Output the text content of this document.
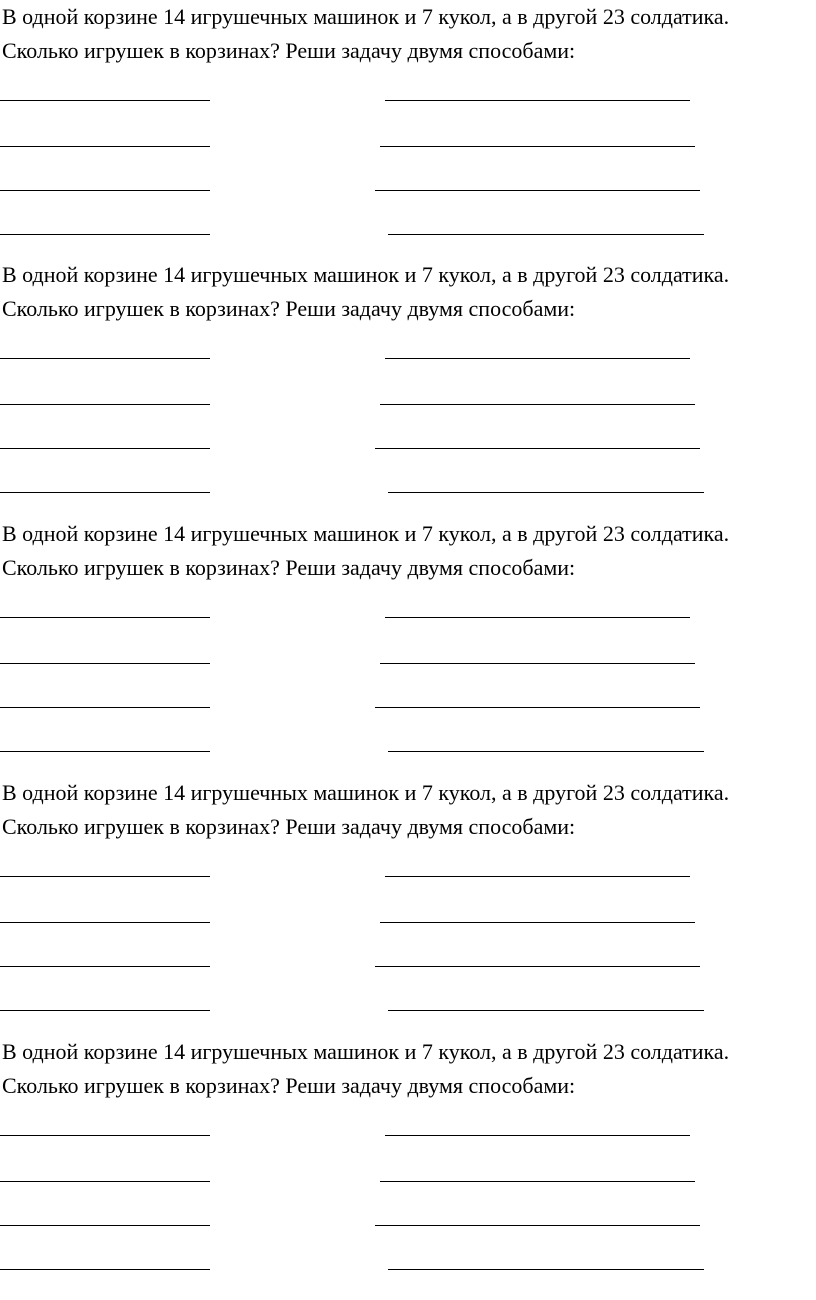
В одной корзине 14 игрушечных машинок и 7 кукол, а в другой 23 солдатика.
Сколько игрушек в корзинах? Реши задачу двумя способами:

В одной корзине 14 игрушечных машинок и 7 кукол, а в другой 23 солдатика.
Сколько игрушек в корзинах? Реши задачу двумя способами:

В одной корзине 14 игрушечных машинок и 7 кукол, а в другой 23 солдатика.
Сколько игрушек в корзинах? Реши задачу двумя способами:

В одной корзине 14 игрушечных машинок и 7 кукол, а в другой 23 солдатика.
Сколько игрушек в корзинах? Реши задачу двумя способами:

В одной корзине 14 игрушечных машинок и 7 кукол, а в другой 23 солдатика.
Сколько игрушек в корзинах? Реши задачу двумя способами:
